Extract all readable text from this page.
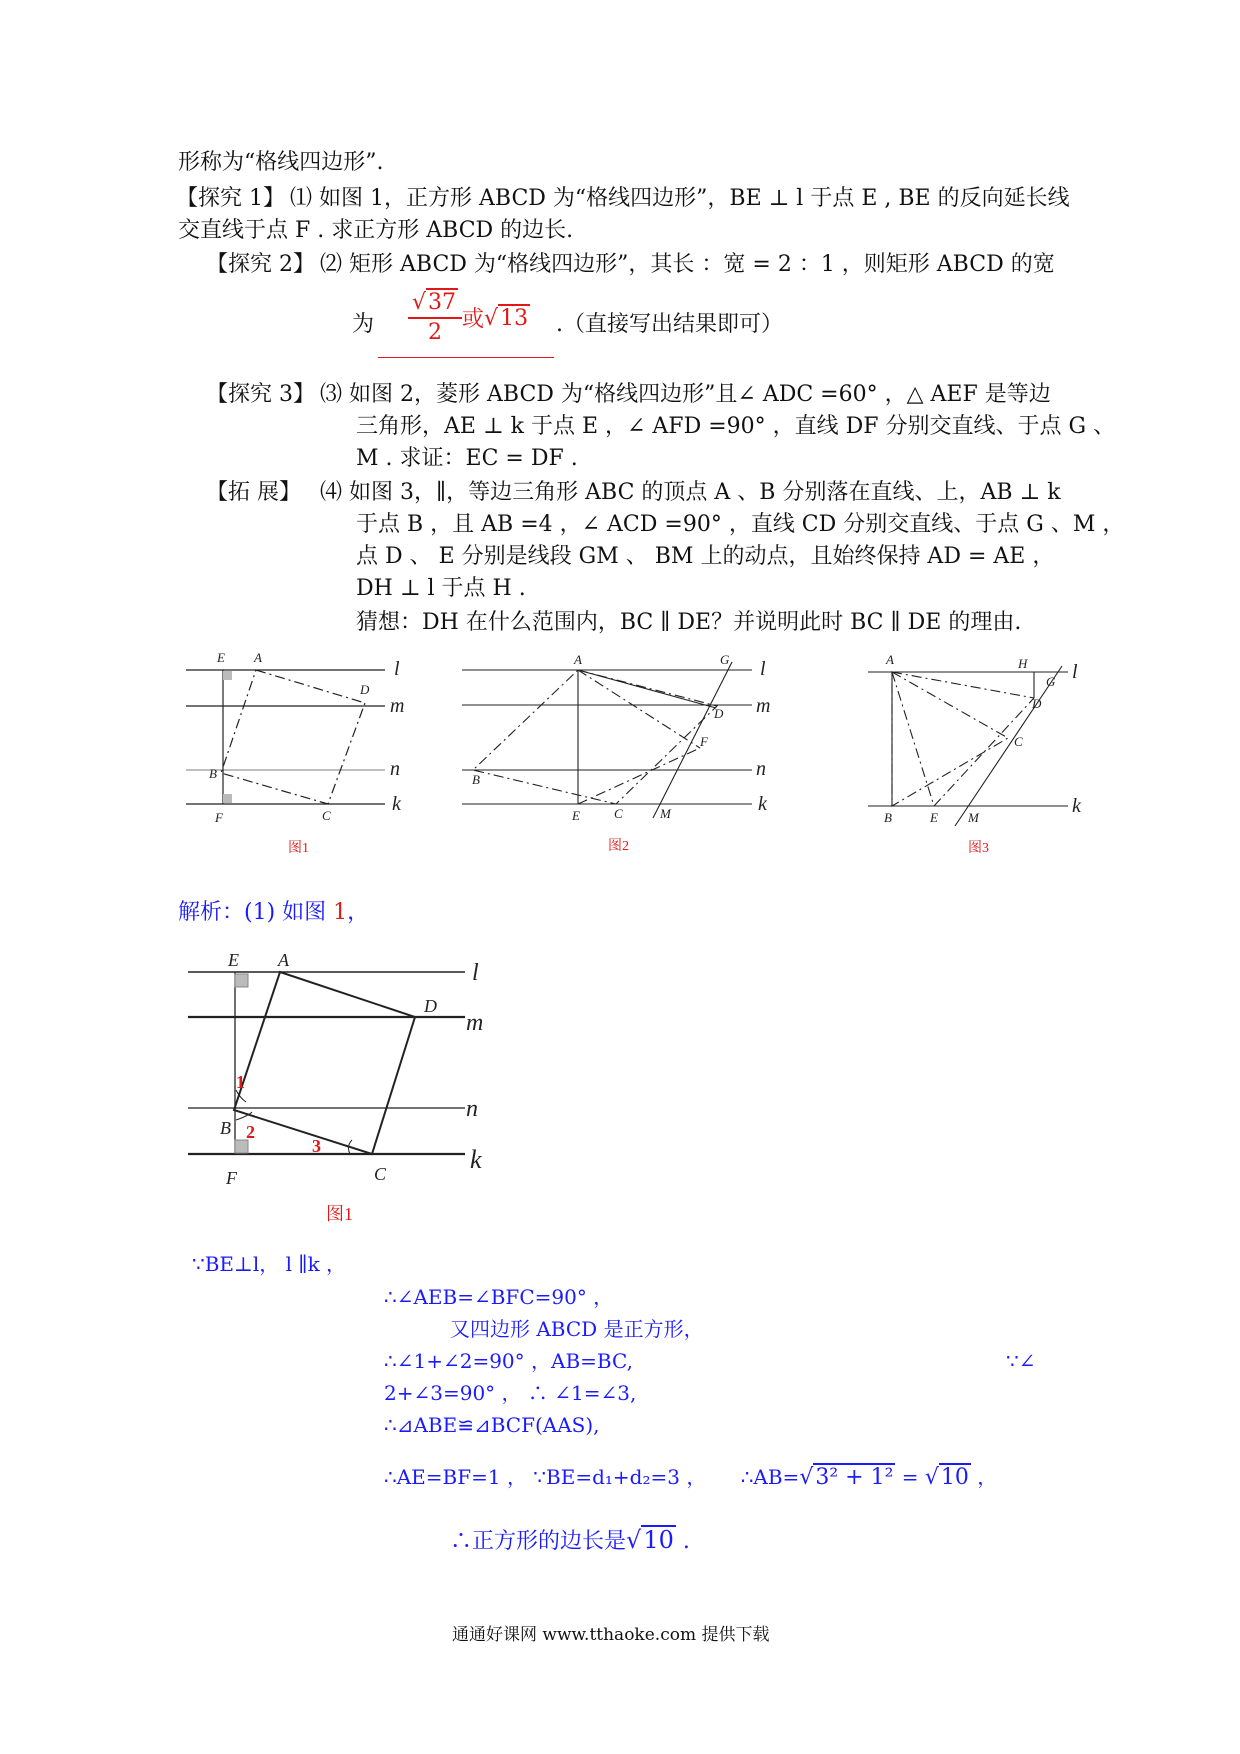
形称为“格线四边形”.
【探究 1】 ⑴ 如图 1，正方形 ABCD 为“格线四边形”，BE ⊥ l 于点 E , BE 的反向延长线
交直线于点 F . 求正方形 ABCD 的边长.
【探究 2】 ⑵ 矩形 ABCD 为“格线四边形”，其长 ：宽 = 2 ：1 ，则矩形 ABCD 的宽
为 $\frac{√37}{2}$ 或√13 .（直接写出结果即可）
【探究 3】 ⑶ 如图 2，菱形 ABCD 为“格线四边形”且∠ ADC =60° ，△ AEF 是等边
三角形，AE ⊥ k 于点 E ，∠ AFD =90° ，直线 DF 分别交直线、于点 G 、
M . 求证：EC = DF .
【拓 展】 ⑷ 如图 3，∥，等边三角形 ABC 的顶点 A 、B 分别落在直线、上，AB ⊥ k
于点 B ，且 AB =4 ，∠ ACD =90° ，直线 CD 分别交直线、于点 G 、M ，
点 D 、 E 分别是线段 GM 、 BM 上的动点，且始终保持 AD = AE ，
DH ⊥ l 于点 H .
猜想：DH 在什么范围内，BC ∥ DE？并说明此时 BC ∥ DE 的理由.
E A
D
B
F	C
l
m
n
k
图1
A	G
D
F
B
E	C	M
l
m
n
k
图2
A	H
G
D
C
B	E M
l
k
图3
E A
D
B
F	C
l
m
n
k
1
2
3
图1
解析：(1) 如图 1，
∵BE⊥l， l ∥k ，
∴∠AEB=∠BFC=90° ，
又四边形 ABCD 是正方形，
∴∠1+∠2=90° ，AB=BC,	∵∠
2+∠3=90° ， ∴ ∠1=∠3,
∴⊿ABE≌⊿BCF(AAS),
∴AE=BF=1 ， ∵BE=d₁+d₂=3 ， ∴AB=√3² + 1² = √10 ，
∴正方形的边长是√10 .
通通好课网 www.tthaoke.com 提供下载
